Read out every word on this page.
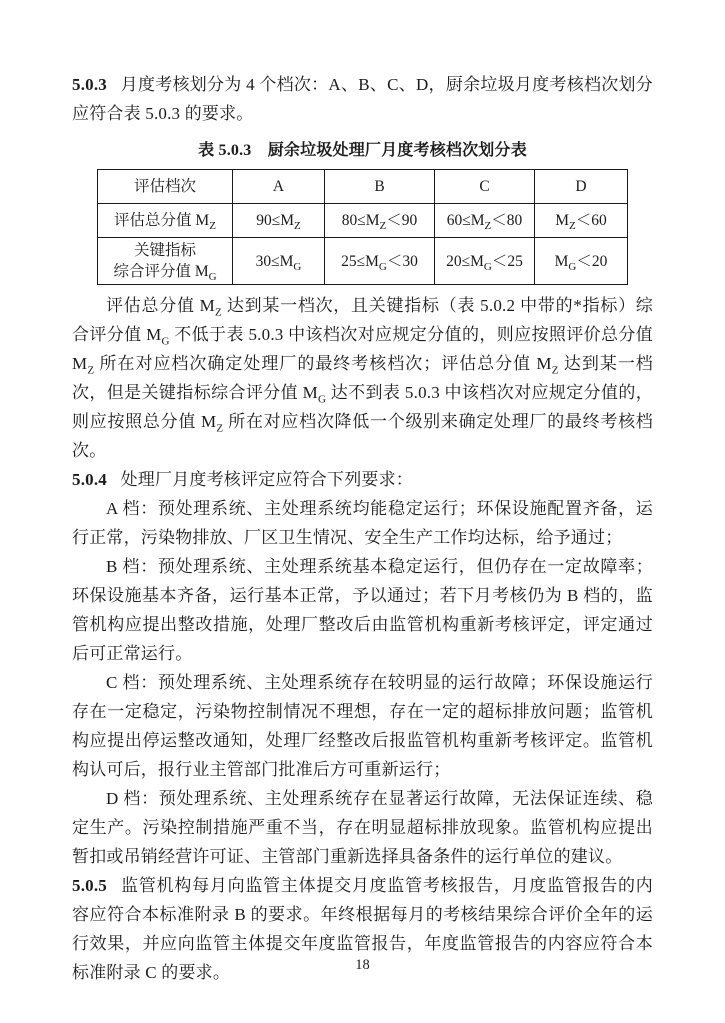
5.0.3 月度考核划分为 4 个档次：A、B、C、D，厨余垃圾月度考核档次划分应符合表 5.0.3 的要求。

表 5.0.3　厨余垃圾处理厂月度考核档次划分表

评估档次	A	B	C	D
评估总分值 $M_Z$	$90\le M_Z$	$80\le M_Z<90$	$60\le M_Z<80$	$M_Z<60$

关键指标
综合评分值 $M_G$	$30\le M_G$	$25\le M_G<30$	$20\le M_G<25$	$M_G<20$

评估总分值 $M_Z$ 达到某一档次，且关键指标（表 5.0.2 中带的*指标）综合评分值 $M_G$ 不低于表 5.0.3 中该档次对应规定分值的，则应按照评价总分值 $M_Z$ 所在对应档次确定处理厂的最终考核档次；评估总分值 $M_Z$ 达到某一档次，但是关键指标综合评分值 $M_G$ 达不到表 5.0.3 中该档次对应规定分值的，则应按照总分值 $M_Z$ 所在对应档次降低一个级别来确定处理厂的最终考核档次。

5.0.4 处理厂月度考核评定应符合下列要求：

A 档：预处理系统、主处理系统均能稳定运行；环保设施配置齐备，运行正常，污染物排放、厂区卫生情况、安全生产工作均达标，给予通过；

B 档：预处理系统、主处理系统基本稳定运行，但仍存在一定故障率；环保设施基本齐备，运行基本正常，予以通过；若下月考核仍为 B 档的，监管机构应提出整改措施，处理厂整改后由监管机构重新考核评定，评定通过后可正常运行。

C 档：预处理系统、主处理系统存在较明显的运行故障；环保设施运行存在一定稳定，污染物控制情况不理想，存在一定的超标排放问题；监管机构应提出停运整改通知，处理厂经整改后报监管机构重新考核评定。监管机构认可后，报行业主管部门批准后方可重新运行；

D 档：预处理系统、主处理系统存在显著运行故障，无法保证连续、稳定生产。污染控制措施严重不当，存在明显超标排放现象。监管机构应提出暂扣或吊销经营许可证、主管部门重新选择具备条件的运行单位的建议。

5.0.5 监管机构每月向监管主体提交月度监管考核报告，月度监管报告的内容应符合本标准附录 B 的要求。年终根据每月的考核结果综合评价全年的运行效果，并应向监管主体提交年度监管报告，年度监管报告的内容应符合本标准附录 C 的要求。	18
